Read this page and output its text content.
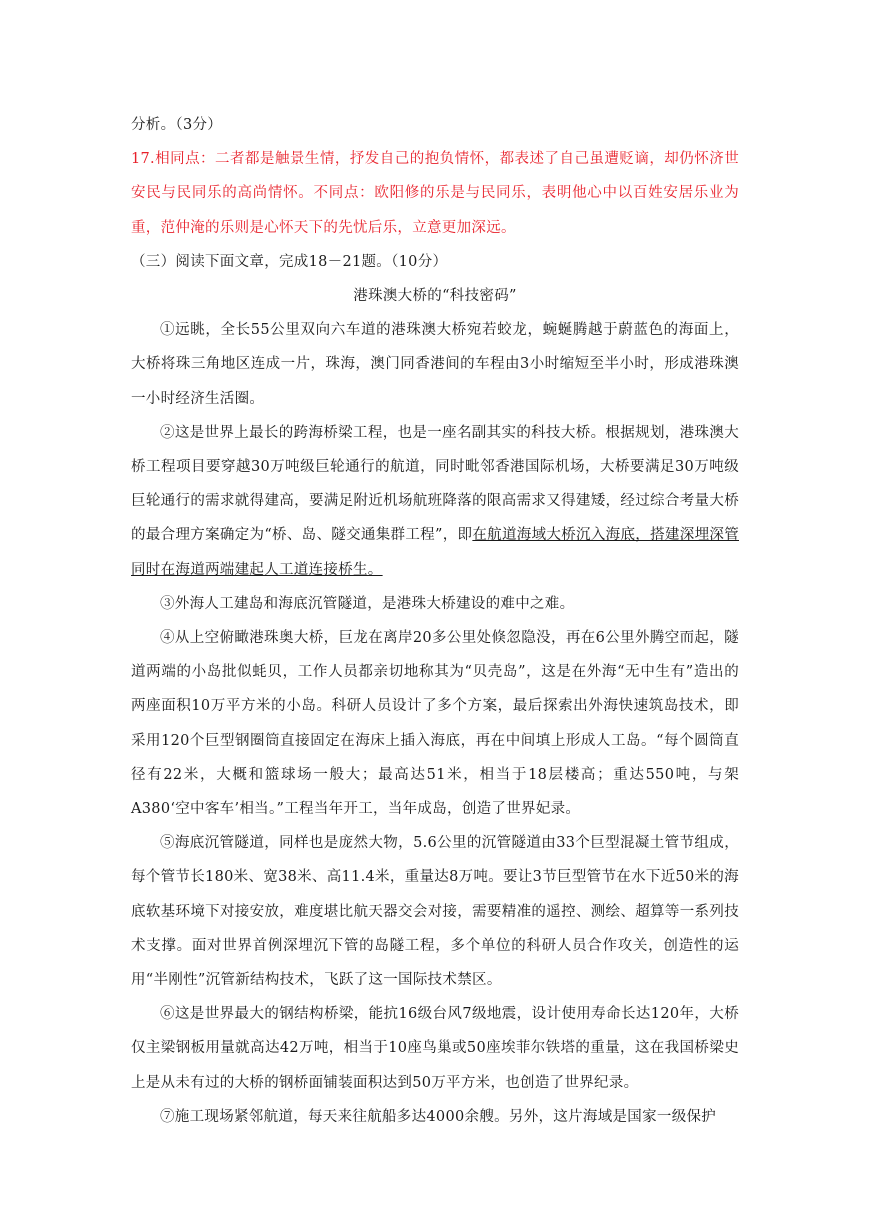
分析。（3分）

17.相同点：二者都是触景生情，抒发自己的抱负情怀，都表述了自己虽遭贬谪，却仍怀济世安民与民同乐的高尚情怀。不同点：欧阳修的乐是与民同乐，表明他心中以百姓安居乐业为重，范仲淹的乐则是心怀天下的先忧后乐，立意更加深远。

（三）阅读下面文章，完成18－21题。（10分）
港珠澳大桥的“科技密码”

①远眺，全长55公里双向六车道的港珠澳大桥宛若蛟龙，蜿蜒腾越于蔚蓝色的海面上，大桥将珠三角地区连成一片，珠海，澳门同香港间的车程由3小时缩短至半小时，形成港珠澳一小时经济生活圈。

②这是世界上最长的跨海桥梁工程，也是一座名副其实的科技大桥。根据规划，港珠澳大桥工程项目要穿越30万吨级巨轮通行的航道，同时毗邻香港国际机场，大桥要满足30万吨级巨轮通行的需求就得建高，要满足附近机场航班降落的限高需求又得建矮，经过综合考量大桥的最合理方案确定为“桥、岛、隧交通集群工程”，即在航道海域大桥沉入海底，搭建深埋深管同时在海道两端建起人工道连接桥生。

③外海人工建岛和海底沉管隧道，是港珠大桥建设的难中之难。

④从上空俯瞰港珠奥大桥，巨龙在离岸20多公里处倏忽隐没，再在6公里外腾空而起，隧道两端的小岛批似蚝贝，工作人员都亲切地称其为“贝壳岛”，这是在外海“无中生有”造出的两座面积10万平方米的小岛。科研人员设计了多个方案，最后探索出外海快速筑岛技术，即采用120个巨型钢圈筒直接固定在海床上插入海底，再在中间填上形成人工岛。“每个圆筒直径有22米，大概和篮球场一般大；最高达51米，相当于18层楼高；重达550吨，与架A380‘空中客车’相当。”工程当年开工，当年成岛，创造了世界妃录。

⑤海底沉管隧道，同样也是庞然大物，5.6公里的沉管隧道由33个巨型混凝土管节组成，每个管节长180米、宽38米、高11.4米，重量达8万吨。要让3节巨型管节在水下近50米的海底软基环境下对接安放，难度堪比航天器交会对接，需要精准的遥控、测绘、超算等一系列技术支撑。面对世界首例深埋沉下管的岛隧工程，多个单位的科研人员合作攻关，创造性的运用“半刚性”沉管新结构技术，飞跃了这一国际技术禁区。

⑥这是世界最大的钢结构桥梁，能抗16级台风7级地震，设计使用寿命长达120年，大桥仅主梁钢板用量就高达42万吨，相当于10座鸟巢或50座埃菲尔铁塔的重量，这在我国桥梁史上是从未有过的大桥的钢桥面铺装面积达到50万平方米，也创造了世界纪录。

⑦施工现场紧邻航道，每天来往航船多达4000余艘。另外，这片海域是国家一级保护
